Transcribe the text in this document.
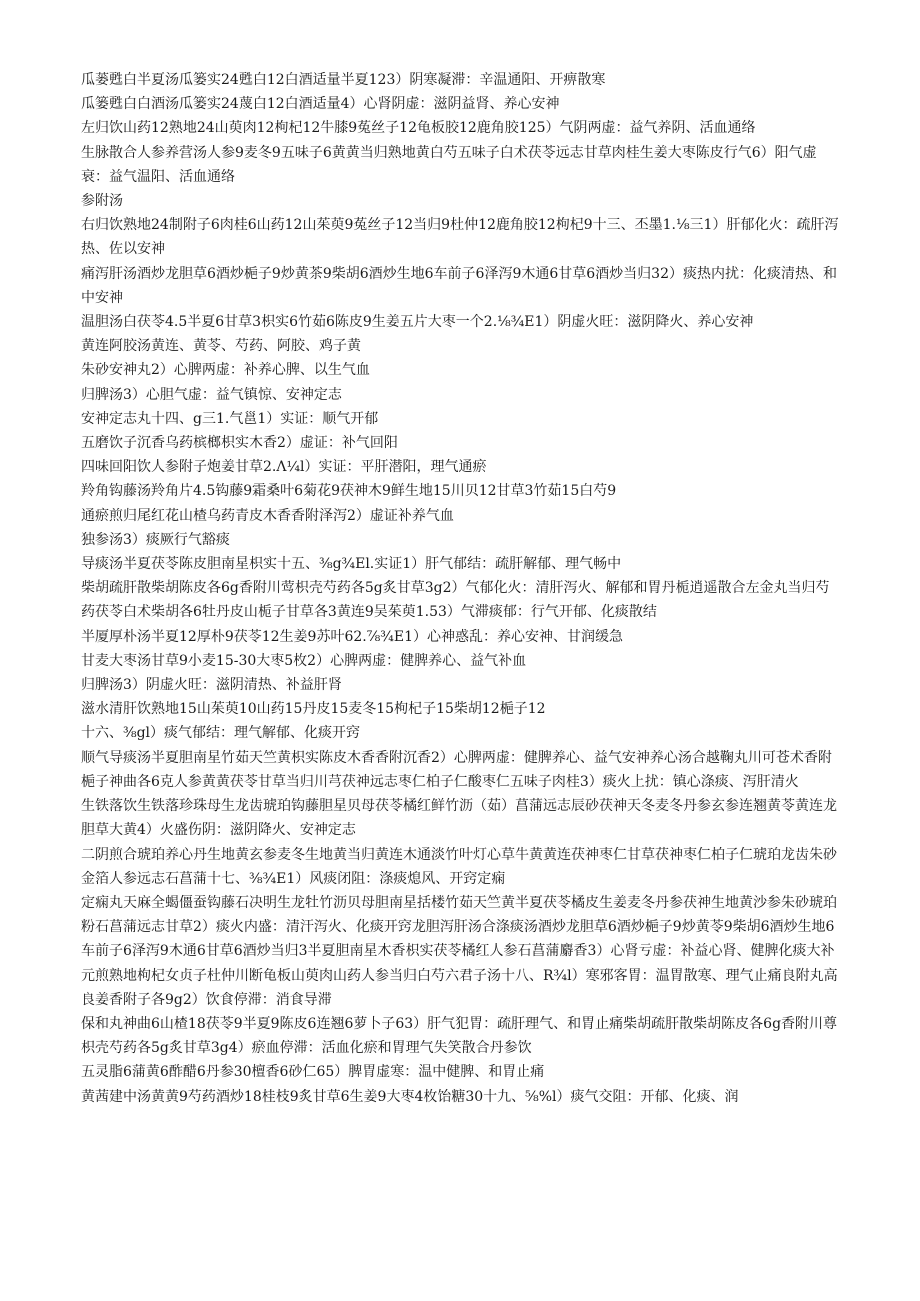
瓜蒌甦白半夏汤瓜篓实24甦白12白酒适量半夏123）阴寒凝滞：辛温通阳、开痹散寒

瓜篓甦白白酒汤瓜篓实24蔑白12白酒适量4）心肾阴虚：滋阴益肾、养心安神

左归饮山药12熟地24山萸肉12枸杞12牛膝9菟丝子12龟板胶12鹿角胶125）气阴两虚：益气养阴、活血通络

生脉散合人参养营汤人参9麦冬9五味子6黄黄当归熟地黄白芍五味子白术茯苓远志甘草肉桂生姜大枣陈皮行气6）阳气虚衰：益气温阳、活血通络

参附汤

右归饮熟地24制附子6肉桂6山药12山茱萸9菟丝子12当归9杜仲12鹿角胶12枸杞9十三、丕墨1.⅛三1）肝郁化火：疏肝泻热、佐以安神

痛泻肝汤酒炒龙胆草6酒炒梔子9炒黄茶9柴胡6酒炒生地6车前子6泽泻9木通6甘草6酒炒当归32）痰热内扰：化痰清热、和中安神

温胆汤白茯苓4.5半夏6甘草3枳实6竹茹6陈皮9生姜五片大枣一个2.⅛¾E1）阴虚火旺：滋阴降火、养心安神

黄连阿胶汤黄连、黄苓、芍药、阿胶、鸡子黄

朱砂安神丸2）心脾两虚：补养心脾、以生气血

归脾汤3）心胆气虚：益气镇惊、安神定志

安神定志丸十四、g三1.气邕1）实证：顺气开郁

五磨饮子沉香乌药槟榔枳实木香2）虚证：补气回阳

四味回阳饮人参附子炮姜甘草2.Λ¼l）实证：平肝潜阳，理气通瘀

羚角钩藤汤羚角片4.5钩藤9霜桑叶6菊花9茯神木9鲜生地15川贝12甘草3竹茹15白芍9

通瘀煎归尾红花山楂乌药青皮木香香附泽泻2）虚证补养气血

独参汤3）痰厥行气豁痰

导痰汤半夏茯苓陈皮胆南星枳实十五、⅜g¾El.实证1）肝气郁结：疏肝解郁、理气畅中

柴胡疏肝散柴胡陈皮各6g香附川莺枳壳芍药各5g炙甘草3g2）气郁化火：清肝泻火、解郁和胃丹栀逍遥散合左金丸当归芍药茯苓白术柴胡各6牡丹皮山栀子甘草各3黄连9吴茱萸1.53）气滞痰郁：行气开郁、化痰散结

半厦厚朴汤半夏12厚朴9茯苓12生姜9苏叶62.⅞¾E1）心神惑乱：养心安神、甘润缓急

甘麦大枣汤甘草9小麦15-30大枣5枚2）心脾两虚：健脾养心、益气补血

归脾汤3）阴虚火旺：滋阴清热、补益肝肾

滋水清肝饮熟地15山茱萸10山药15丹皮15麦冬15枸杞子15柴胡12梔子12

十六、⅜gl）痰气郁结：理气解郁、化痰开窍

顺气导痰汤半夏胆南星竹茹天竺黄枳实陈皮木香香附沉香2）心脾两虚：健脾养心、益气安神养心汤合越鞠丸川可苍术香附梔子神曲各6克人参黄黄茯苓甘草当归川芎茯神远志枣仁柏子仁酸枣仁五味子肉桂3）痰火上扰：镇心涤痰、泻肝清火

生铁落饮生铁落珍珠母生龙齿琥珀钩藤胆星贝母茯苓橘红鲜竹沥（茹）菖蒲远志辰砂茯神天冬麦冬丹参玄参连翘黄苓黄连龙胆草大黄4）火盛伤阴：滋阴降火、安神定志

二阴煎合琥珀养心丹生地黄玄参麦冬生地黄当归黄连木通淡竹叶灯心草牛黄黄连茯神枣仁甘草茯神枣仁柏子仁琥珀龙齿朱砂金箔人参远志石菖蒲十七、⅜¾E1）风痰闭阻：涤痰熄风、开窍定痫

定痫丸天麻全蝎僵蚕钩藤石决明生龙牡竹沥贝母胆南星括楼竹茹天竺黄半夏茯苓橘皮生姜麦冬丹参茯神生地黄沙参朱砂琥珀粉石菖蒲远志甘草2）痰火内盛：清汗泻火、化痰开窍龙胆泻肝汤合涤痰汤酒炒龙胆草6酒炒梔子9炒黄苓9柴胡6酒炒生地6车前子6泽泻9木通6甘草6酒炒当归3半夏胆南星木香枳实茯苓橘红人参石菖蒲麝香3）心肾亏虚：补益心肾、健脾化痰大补元煎熟地枸杞女贞子杜仲川断龟板山萸肉山药人参当归白芍六君子汤十八、R¾l）寒邪客胃：温胃散寒、理气止痛良附丸高良姜香附子各9g2）饮食停滞：消食导滞

保和丸神曲6山楂18茯苓9半夏9陈皮6连翘6萝卜子63）肝气犯胃：疏肝理气、和胃止痛柴胡疏肝散柴胡陈皮各6g香附川尊枳壳芍药各5g炙甘草3g4）瘀血停滞：活血化瘀和胃理气失笑散合丹参饮

五灵脂6蒲黄6酢醋6丹参30檀香6砂仁65）脾胃虚寒：温中健脾、和胃止痛

黄茜建中汤黄黄9芍药酒炒18桂枝9炙甘草6生姜9大枣4枚饴糖30十九、⅝%l）痰气交阻：开郁、化痰、润
